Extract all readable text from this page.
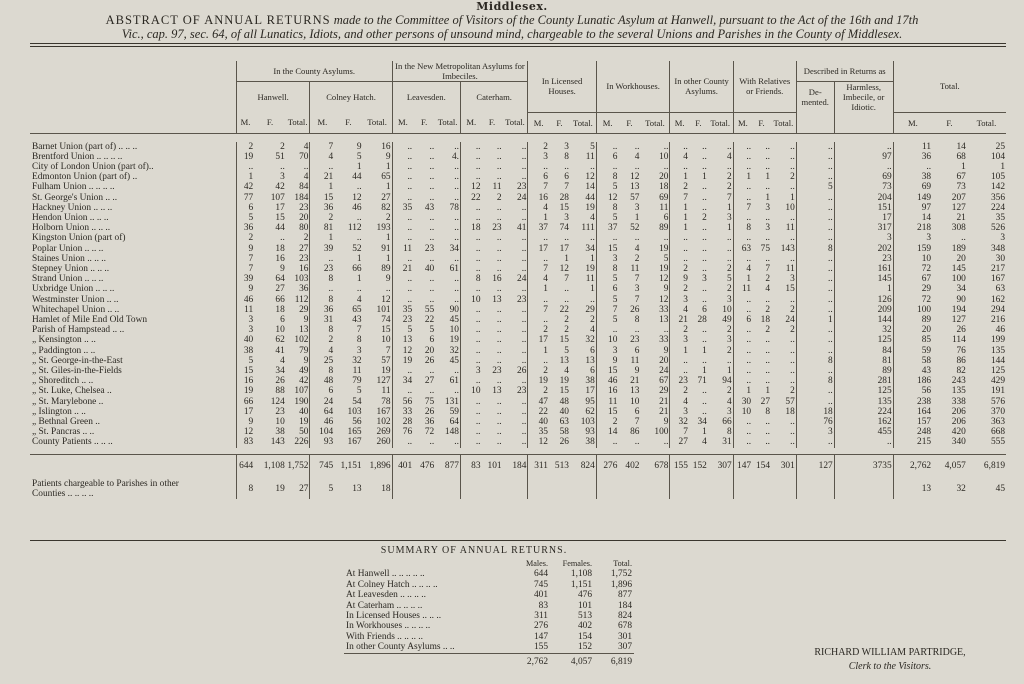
Middlesex.
ABSTRACT OF ANNUAL RETURNS made to the Committee of Visitors of the County Lunatic Asylum at Hanwell, pursuant to the Act of the 16th and 17th
Vic., cap. 97, sec. 64, of all Lunatics, Idiots, and other persons of unsound mind, chargeable to the several Unions and Parishes in the County of Middlesex.
	In the County Asylums.						In the New Metropolitan Asylums for Imbeciles.						In Licensed Houses.			In Workhouses.			In other County Asylums.			With Relatives or Friends.			Described in Returns as		Total.		
	Hanwell.			Colney Hatch.			Leavesden.			Caterham.															De-mented.	Harmless, Imbecile, or Idiotic.			
	M.	F.	Total.	M.	F.	Total.	M.	F.	Total.	M.	F.	Total.	M.	F.	Total.	M.	F.	Total.	M.	F.	Total.	M.	F.	Total.			M.	F.	Total.

Barnet Union (part of) .. .. ..	2	2	4	7	9	16	..	..	..	..	..	..	2	3	5	..	..	..	..	..	..	..	..	..	..	..	11	14	25
Brentford Union .. .. .. ..	19	51	70	4	5	9	..	..	4.	..	..	..	3	8	11	6	4	10	4	..	4	..	..	..	..	97	36	68	104
City of London Union (part of)..	..	..	..	..	1	1	..	..	..	..	..	..	..	..	..	..	..	..	..	..	..	..	..	..	..	..	..	1	1
Edmonton Union (part of) ..	1	3	4	21	44	65	..	..	..	..	..	..	6	6	12	8	12	20	1	1	2	1	1	2	..	69	38	67	105
Fulham Union .. .. .. ..	42	42	84	1	..	1	..	..	..	12	11	23	7	7	14	5	13	18	2	..	2	..	..	..	5	73	69	73	142
St. George's Union .. ..	77	107	184	15	12	27	..	..	..	22	2	24	16	28	44	12	57	69	7	..	7	..	1	1	..	204	149	207	356
Hackney Union .. .. ..	6	17	23	36	46	82	35	43	78	..	..	..	4	15	19	8	3	11	1	..	1	7	3	10	..	151	97	127	224
Hendon Union .. .. ..	5	15	20	2	..	2	..	..	..	..	..	..	1	3	4	5	1	6	1	2	3	..	..	..	..	17	14	21	35
Holborn Union .. .. ..	36	44	80	81	112	193	..	..	..	18	23	41	37	74	111	37	52	89	1	..	1	8	3	11	..	317	218	308	526
Kingston Union (part of)	2	..	2	1	..	1	..	..	..	..	..	..	..	..	..	..	..	..	..	..	..	..	..	..	..	3	3	..	3
Poplar Union .. .. ..	9	18	27	39	52	91	11	23	34	..	..	..	17	17	34	15	4	19	..	..	..	63	75	143	8	202	159	189	348
Staines Union .. .. ..	7	16	23	..	1	1	..	..	..	..	..	..	..	1	1	3	2	5	..	..	..	..	..	..	..	23	10	20	30
Stepney Union .. .. ..	7	9	16	23	66	89	21	40	61	..	..	..	7	12	19	8	11	19	2	..	2	4	7	11	..	161	72	145	217
Strand Union .. .. ..	39	64	103	8	1	9	..	..	..	8	16	24	4	7	11	5	7	12	9	3	5	1	2	3	..	145	67	100	167
Uxbridge Union .. .. ..	9	27	36	..	..	..	..	..	..	..	..	..	1	..	1	6	3	9	2	..	2	11	4	15	..	1	29	34	63
Westminster Union .. ..	46	66	112	8	4	12	..	..	..	10	13	23	..	..	..	5	7	12	3	..	3	..	..	..	..	126	72	90	162
Whitechapel Union .. ..	11	18	29	36	65	101	35	55	90	..	..	..	7	22	29	7	26	33	4	6	10	..	2	2	..	209	100	194	294
Hamlet of Mile End Old Town	3	6	9	31	43	74	23	22	45	..	..	..	..	2	2	5	8	13	21	28	49	6	18	24	1	144	89	127	216
Parish of Hampstead .. ..	3	10	13	8	7	15	5	5	10	..	..	..	2	2	4	..	..	..	2	..	2	..	2	2	..	32	20	26	46
„ Kensington .. ..	40	62	102	2	8	10	13	6	19	..	..	..	17	15	32	10	23	33	3	..	3	..	..	..	..	125	85	114	199
„ Paddington .. ..	38	41	79	4	3	7	12	20	32	..	..	..	1	5	6	3	6	9	1	1	2	..	..	..	..	84	59	76	135
„ St. George-in-the-East	5	4	9	25	32	57	19	26	45	..	..	..	..	13	13	9	11	20	..	..	..	..	..	..	8	81	58	86	144
„ St. Giles-in-the-Fields	15	34	49	8	11	19	..	..	..	3	23	26	2	4	6	15	9	24	..	1	1	..	..	..	..	89	43	82	125
„ Shoreditch .. ..	16	26	42	48	79	127	34	27	61	..	..	..	19	19	38	46	21	67	23	71	94	..	..	..	8	281	186	243	429
„ St. Luke, Chelsea ..	19	88	107	6	5	11	..	..	..	10	13	23	2	15	17	16	13	29	2	..	2	1	1	2	..	125	56	135	191
„ St. Marylebone ..	66	124	190	24	54	78	56	75	131	..	..	..	47	48	95	11	10	21	4	..	4	30	27	57	..	135	238	338	576
„ Islington .. ..	17	23	40	64	103	167	33	26	59	..	..	..	22	40	62	15	6	21	3	..	3	10	8	18	18	224	164	206	370
„ Bethnal Green ..	9	10	19	46	56	102	28	36	64	..	..	..	40	63	103	2	7	9	32	34	66	..	..	..	76	162	157	206	363
„ St. Pancras .. ..	12	38	50	104	165	269	76	72	148	..	..	..	35	58	93	14	86	100	7	1	8	..	..	..	3	455	248	420	668
County Patients .. .. ..	83	143	226	93	167	260	..	..	..	..	..	..	12	26	38	..	..	..	27	4	31	..	..	..	..	..	215	340	555

	644	1,108	1,752	745	1,151	1,896	401	476	877	83	101	184	311	513	824	276	402	678	155	152	307	147	154	301	127	3735	2,762	4,057	6,819
Patients chargeable to Parishes in other
Counties .. .. .. ..	8	19	27	5	13	18																					13	32	45
SUMMARY OF ANNUAL RETURNS.
	Males.	Females.	Total.
At Hanwell .. .. .. .. ..	644	1,108	1,752
At Colney Hatch .. .. .. ..	745	1,151	1,896
At Leavesden .. .. .. ..	401	476	877
At Caterham .. .. .. ..	83	101	184
In Licensed Houses .. .. ..	311	513	824
In Workhouses .. .. .. ..	276	402	678
With Friends .. .. .. ..	147	154	301
In other County Asylums .. ..	155	152	307
	2,762	4,057	6,819
RICHARD WILLIAM PARTRIDGE,
Clerk to the Visitors.
